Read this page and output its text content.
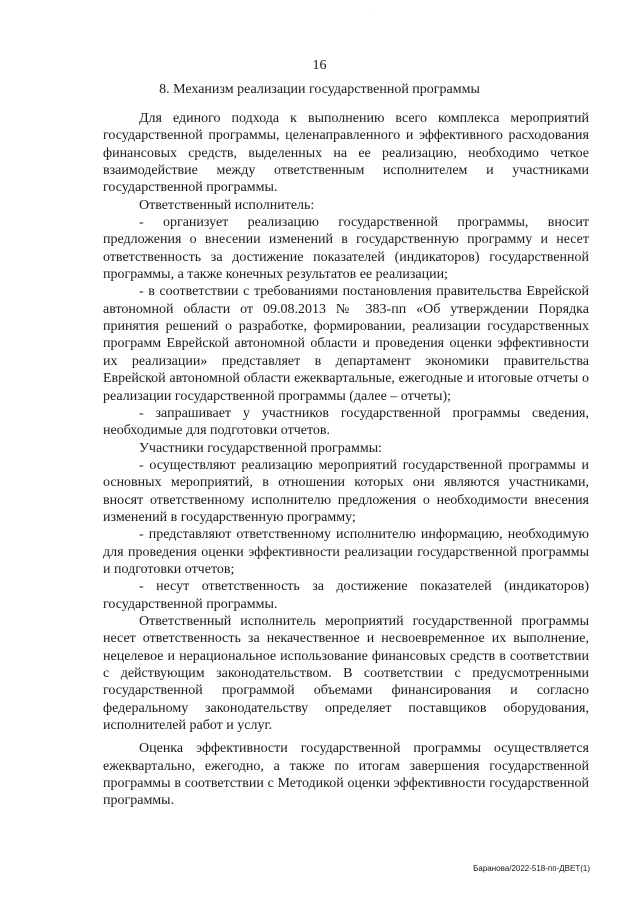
·
16
8. Механизм реализации государственной программы

Для единого подхода к выполнению всего комплекса мероприятий государственной программы, целенаправленного и эффективного расходования финансовых средств, выделенных на ее реализацию, необходимо четкое взаимодействие между ответственным исполнителем и участниками государственной программы.

Ответственный исполнитель:

- организует реализацию государственной программы, вносит предложения о внесении изменений в государственную программу и несет ответственность за достижение показателей (индикаторов) государственной программы, а также конечных результатов ее реализации;

- в соответствии с требованиями постановления правительства Еврейской автономной области от 09.08.2013 № 383-пп «Об утверждении Порядка принятия решений о разработке, формировании, реализации государственных программ Еврейской автономной области и проведения оценки эффективности их реализации» представляет в департамент экономики правительства Еврейской автономной области ежеквартальные, ежегодные и итоговые отчеты о реализации государственной программы (далее – отчеты);

- запрашивает у участников государственной программы сведения, необходимые для подготовки отчетов.

Участники государственной программы:

- осуществляют реализацию мероприятий государственной программы и основных мероприятий, в отношении которых они являются участниками, вносят ответственному исполнителю предложения о необходимости внесения изменений в государственную программу;

- представляют ответственному исполнителю информацию, необходимую для проведения оценки эффективности реализации государственной программы и подготовки отчетов;

- несут ответственность за достижение показателей (индикаторов) государственной программы.

Ответственный исполнитель мероприятий государственной программы несет ответственность за некачественное и несвоевременное их выполнение, нецелевое и нерациональное использование финансовых средств в соответствии с действующим законодательством. В соответствии с предусмотренными государственной программой объемами финансирования и согласно федеральному законодательству определяет поставщиков оборудования, исполнителей работ и услуг.

Оценка эффективности государственной программы осуществляется ежеквартально, ежегодно, а также по итогам завершения государственной программы в соответствии с Методикой оценки эффективности государственной программы.

Баранова/2022-518-пп-ДВЕТ(1)
